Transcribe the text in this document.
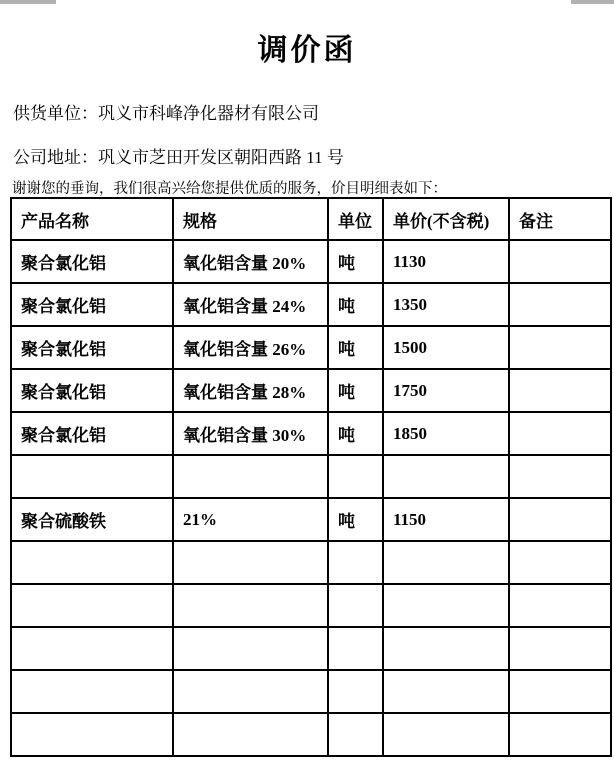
调价函
供货单位：巩义市科峰净化器材有限公司
公司地址：巩义市芝田开发区朝阳西路 11 号
谢谢您的垂询，我们很高兴给您提供优质的服务，价目明细表如下：
产品名称	规格	单位	单价(不含税)	备注
聚合氯化铝	氧化铝含量 20%	吨	1130	
聚合氯化铝	氧化铝含量 24%	吨	1350	
聚合氯化铝	氧化铝含量 26%	吨	1500	
聚合氯化铝	氧化铝含量 28%	吨	1750	
聚合氯化铝	氧化铝含量 30%	吨	1850	

聚合硫酸铁	21%	吨	1150	
